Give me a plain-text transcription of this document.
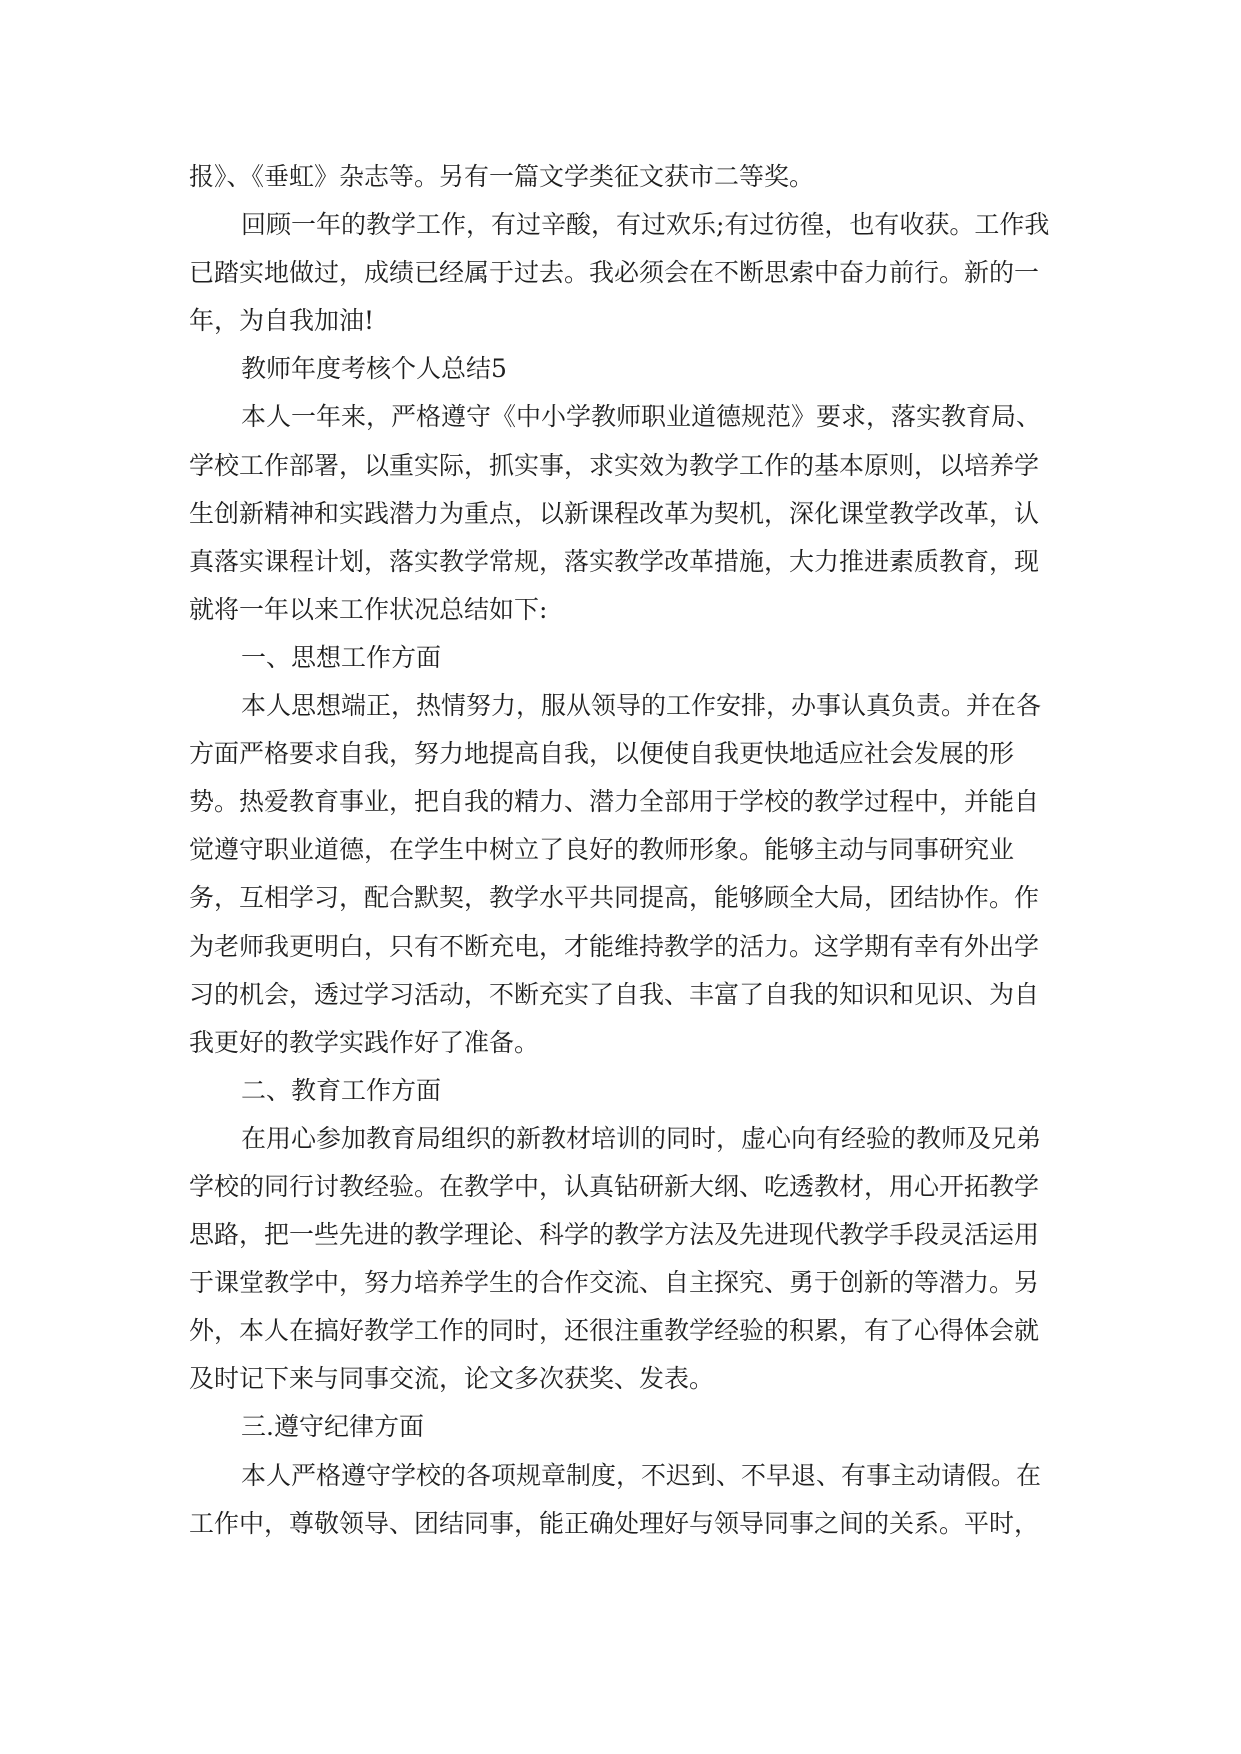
报》、《垂虹》杂志等。另有一篇文学类征文获市二等奖。
回顾一年的教学工作，有过辛酸，有过欢乐;有过彷徨，也有收获。工作我
已踏实地做过，成绩已经属于过去。我必须会在不断思索中奋力前行。新的一
年，为自我加油!
教师年度考核个人总结5
本人一年来，严格遵守《中小学教师职业道德规范》要求，落实教育局、
学校工作部署，以重实际，抓实事，求实效为教学工作的基本原则，以培养学
生创新精神和实践潜力为重点，以新课程改革为契机，深化课堂教学改革，认
真落实课程计划，落实教学常规，落实教学改革措施，大力推进素质教育，现
就将一年以来工作状况总结如下:
一、思想工作方面
本人思想端正，热情努力，服从领导的工作安排，办事认真负责。并在各
方面严格要求自我，努力地提高自我，以便使自我更快地适应社会发展的形
势。热爱教育事业，把自我的精力、潜力全部用于学校的教学过程中，并能自
觉遵守职业道德，在学生中树立了良好的教师形象。能够主动与同事研究业
务，互相学习，配合默契，教学水平共同提高，能够顾全大局，团结协作。作
为老师我更明白，只有不断充电，才能维持教学的活力。这学期有幸有外出学
习的机会，透过学习活动，不断充实了自我、丰富了自我的知识和见识、为自
我更好的教学实践作好了准备。
二、教育工作方面
在用心参加教育局组织的新教材培训的同时，虚心向有经验的教师及兄弟
学校的同行讨教经验。在教学中，认真钻研新大纲、吃透教材，用心开拓教学
思路，把一些先进的教学理论、科学的教学方法及先进现代教学手段灵活运用
于课堂教学中，努力培养学生的合作交流、自主探究、勇于创新的等潜力。另
外，本人在搞好教学工作的同时，还很注重教学经验的积累，有了心得体会就
及时记下来与同事交流，论文多次获奖、发表。
三.遵守纪律方面
本人严格遵守学校的各项规章制度，不迟到、不早退、有事主动请假。在
工作中，尊敬领导、团结同事，能正确处理好与领导同事之间的关系。平时，
